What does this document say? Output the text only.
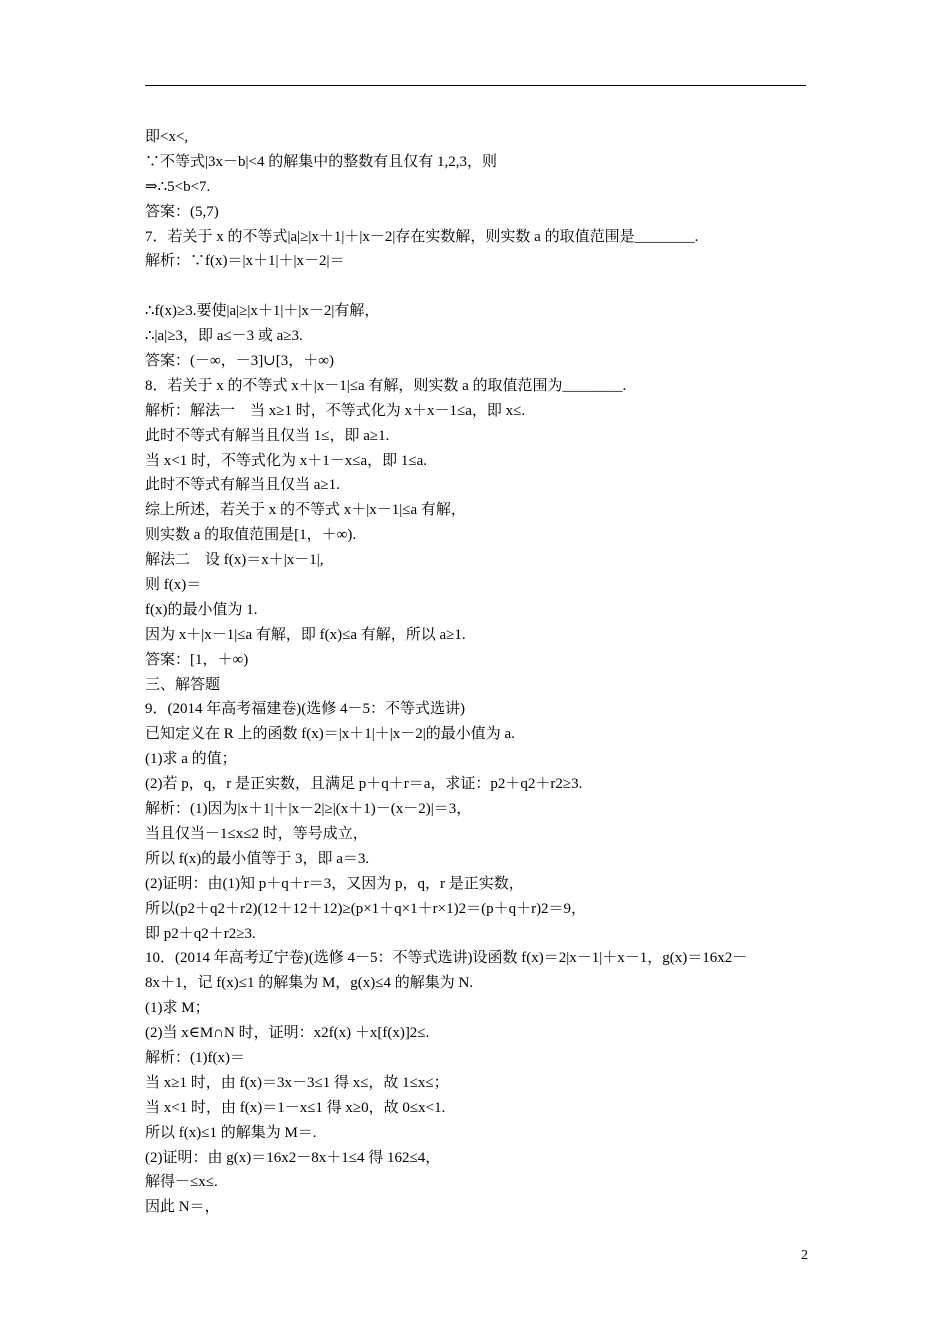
即<x<,
∵不等式|3x－b|<4 的解集中的整数有且仅有 1,2,3，则
⇒∴5<b<7.
答案：(5,7)
7．若关于 x 的不等式|a|≥|x＋1|＋|x－2|存在实数解，则实数 a 的取值范围是________.
解析：∵f(x)＝|x＋1|＋|x－2|＝
∴f(x)≥3.要使|a|≥|x＋1|＋|x－2|有解，
∴|a|≥3，即 a≤－3 或 a≥3.
答案：(－∞，－3]∪[3，＋∞)
8．若关于 x 的不等式 x＋|x－1|≤a 有解，则实数 a 的取值范围为________.
解析：解法一　当 x≥1 时，不等式化为 x＋x－1≤a，即 x≤.
此时不等式有解当且仅当 1≤，即 a≥1.
当 x<1 时，不等式化为 x＋1－x≤a，即 1≤a.
此时不等式有解当且仅当 a≥1.
综上所述，若关于 x 的不等式 x＋|x－1|≤a 有解，
则实数 a 的取值范围是[1，＋∞).
解法二　设 f(x)＝x＋|x－1|,
则 f(x)＝
f(x)的最小值为 1.
因为 x＋|x－1|≤a 有解，即 f(x)≤a 有解，所以 a≥1.
答案：[1，＋∞)
三、解答题
9．(2014 年高考福建卷)(选修 4－5：不等式选讲)
已知定义在 R 上的函数 f(x)＝|x＋1|＋|x－2|的最小值为 a.
(1)求 a 的值；
(2)若 p，q，r 是正实数，且满足 p＋q＋r＝a，求证：p2＋q2＋r2≥3.
解析：(1)因为|x＋1|＋|x－2|≥|(x＋1)－(x－2)|＝3，
当且仅当－1≤x≤2 时，等号成立，
所以 f(x)的最小值等于 3，即 a＝3.
(2)证明：由(1)知 p＋q＋r＝3，又因为 p，q，r 是正实数，
所以(p2＋q2＋r2)(12＋12＋12)≥(p×1＋q×1＋r×1)2＝(p＋q＋r)2＝9，
即 p2＋q2＋r2≥3.
10．(2014 年高考辽宁卷)(选修 4－5：不等式选讲)设函数 f(x)＝2|x－1|＋x－1，g(x)＝16x2－
8x＋1，记 f(x)≤1 的解集为 M，g(x)≤4 的解集为 N.
(1)求 M；
(2)当 x∈M∩N 时，证明：x2f(x) ＋x[f(x)]2≤.
解析：(1)f(x)＝
当 x≥1 时，由 f(x)＝3x－3≤1 得 x≤，故 1≤x≤；
当 x<1 时，由 f(x)＝1－x≤1 得 x≥0，故 0≤x<1.
所以 f(x)≤1 的解集为 M＝.
(2)证明：由 g(x)＝16x2－8x＋1≤4 得 162≤4，
解得－≤x≤.
因此 N＝，
2
